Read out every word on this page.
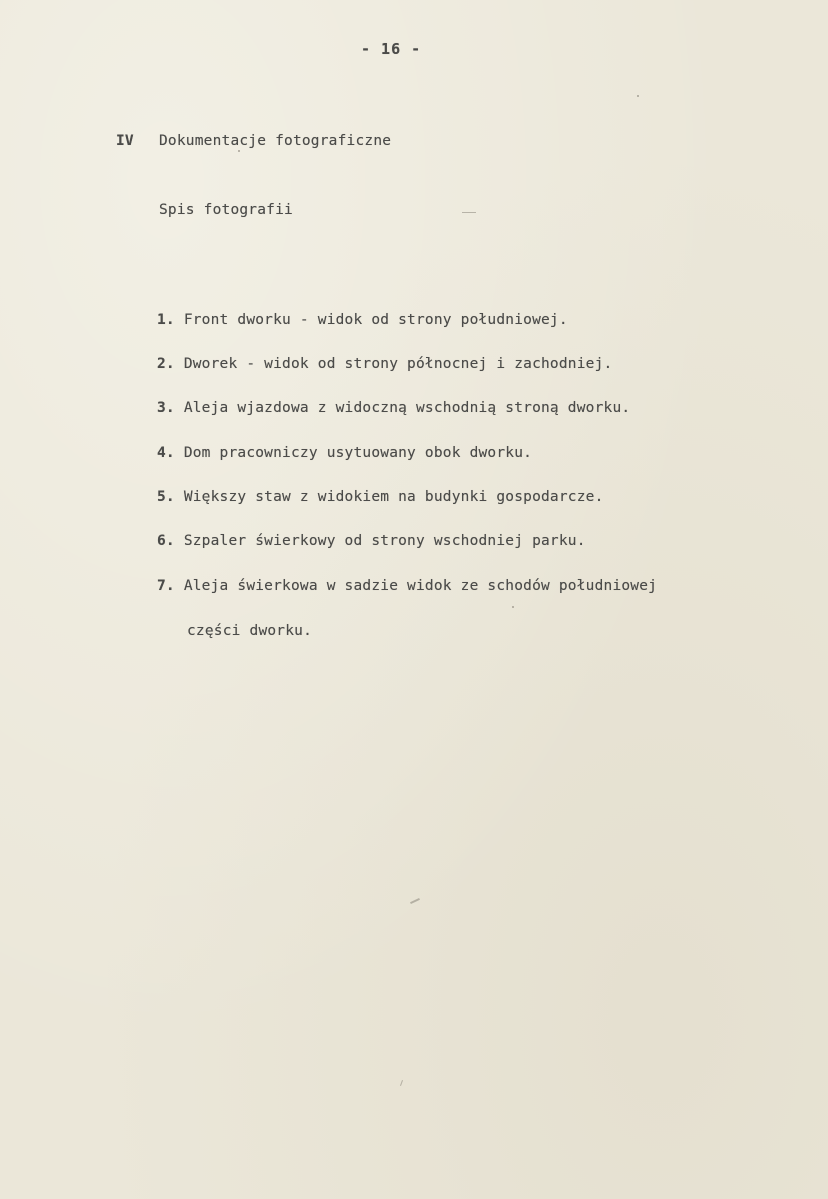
- 16 -
IV Dokumentacje fotograficzne
Spis fotografii
1. Front dworku - widok od strony południowej.
2. Dworek - widok od strony północnej i zachodniej.
3. Aleja wjazdowa z widoczną wschodnią stroną dworku.
4. Dom pracowniczy usytuowany obok dworku.
5. Większy staw z widokiem na budynki gospodarcze.
6. Szpaler świerkowy od strony wschodniej parku.
7. Aleja świerkowa w sadzie widok ze schodów południowej
części dworku.
